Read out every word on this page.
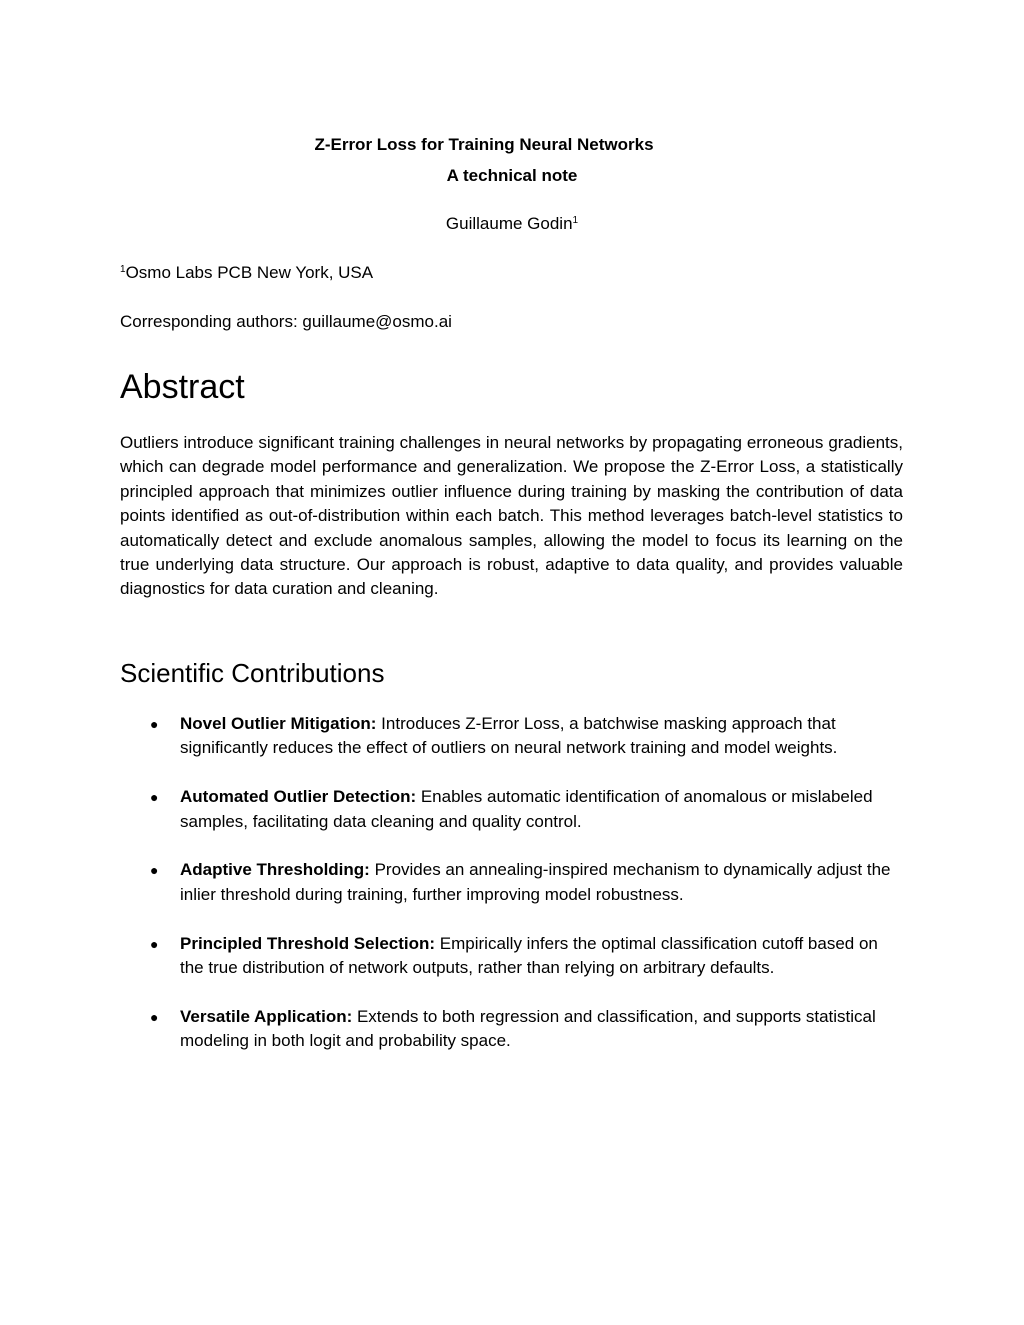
Z-Error Loss for Training Neural Networks
A technical note
Guillaume Godin$^1$
$^1$Osmo Labs PCB New York, USA
Corresponding authors: guillaume@osmo.ai
Abstract

Outliers introduce significant training challenges in neural networks by propagating erroneous gradients, which can degrade model performance and generalization. We propose the Z-Error Loss, a statistically principled approach that minimizes outlier influence during training by masking the contribution of data points identified as out-of-distribution within each batch. This method leverages batch-level statistics to automatically detect and exclude anomalous samples, allowing the model to focus its learning on the true underlying data structure. Our approach is robust, adaptive to data quality, and provides valuable diagnostics for data curation and cleaning.

Scientific Contributions
● Novel Outlier Mitigation: Introduces Z-Error Loss, a batchwise masking approach that significantly reduces the effect of outliers on neural network training and model weights.
● Automated Outlier Detection: Enables automatic identification of anomalous or mislabeled samples, facilitating data cleaning and quality control.
● Adaptive Thresholding: Provides an annealing-inspired mechanism to dynamically adjust the inlier threshold during training, further improving model robustness.
● Principled Threshold Selection: Empirically infers the optimal classification cutoff based on the true distribution of network outputs, rather than relying on arbitrary defaults.
● Versatile Application: Extends to both regression and classification, and supports statistical modeling in both logit and probability space.
